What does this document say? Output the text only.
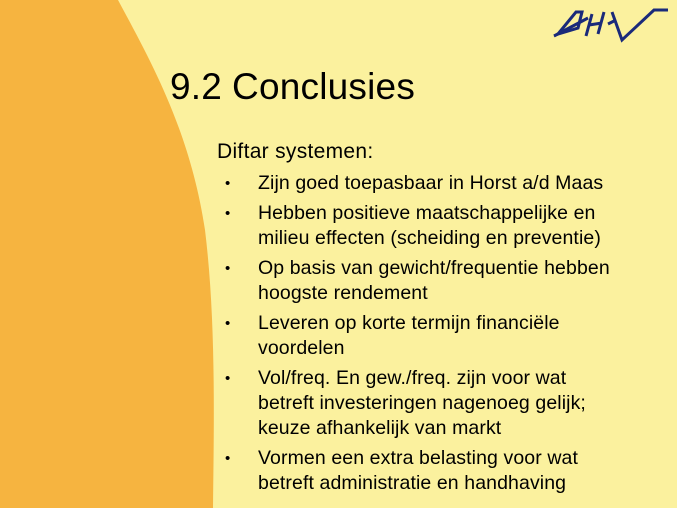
9.2 Conclusies
Diftar systemen:
• Zijn goed toepasbaar in Horst a/d Maas
• Hebben positieve maatschappelijke en
milieu effecten (scheiding en preventie)
• Op basis van gewicht/frequentie hebben
hoogste rendement
• Leveren op korte termijn financiële
voordelen
• Vol/freq. En gew./freq. zijn voor wat
betreft investeringen nagenoeg gelijk;
keuze afhankelijk van markt
• Vormen een extra belasting voor wat
betreft administratie en handhaving
